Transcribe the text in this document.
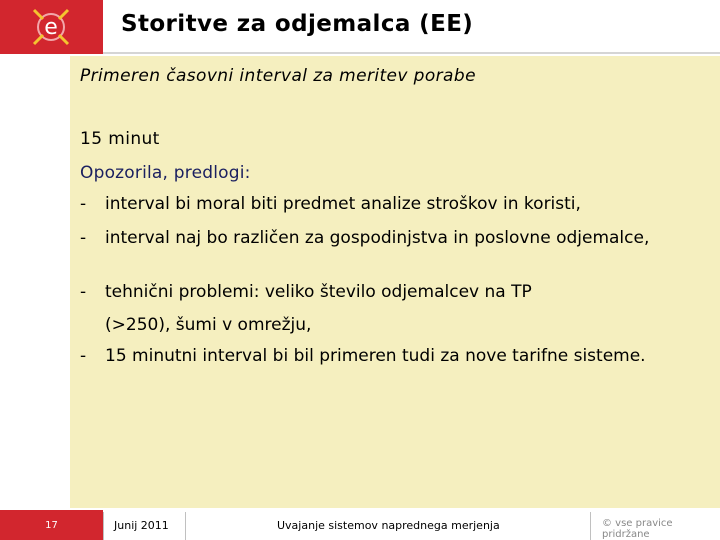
e	Storitve za odjemalca (EE)
Primeren časovni interval za meritev porabe
15 minut
Opozorila, predlogi:
- interval bi moral biti predmet analize stroškov in koristi,
- interval naj bo različen za gospodinjstva in poslovne odjemalce,
- tehnični problemi: veliko število odjemalcev na TP
(>250), šumi v omrežju,
- 15 minutni interval bi bil primeren tudi za nove tarifne sisteme.
17	Junij 2011	Uvajanje sistemov naprednega merjenja	© vse pravice pridržane
